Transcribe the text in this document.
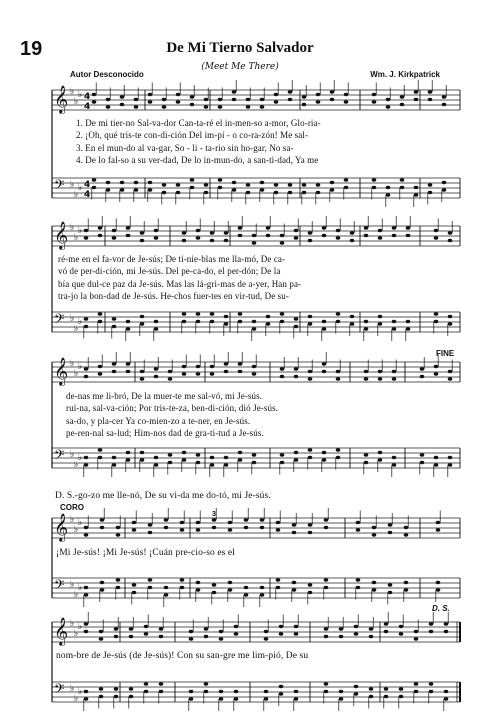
19	De Mi Tierno Salvador
(Meet Me There)
Autor Desconocido	Wm. J. Kirkpatrick
𝄞 ♭
♭
♭ 4
4
𝄢 ♭
♭
♭ 4
4
1. De mi tier-no Sal-va-dor Can-ta-ré el in-men-so a-mor, Glo-ria-
2. ¡Oh, qué tris-te con-di-ción Del im-pí - o co-ra-zón! Me sal-
3. En el mun-do al va-gar, So - li - ta-rio sin ho-gar, No sa-
4. De lo fal-so a su ver-dad, De lo in-mun-do, a san-ti-dad, Ya me
𝄞 ♭
♭
♭
𝄢 ♭
♭
♭
ré-me en el fa-vor de Je-sús; De ti-nie-blas me lla-mó, De ca-
vó de per-di-ción, mi Je-sús. Del pe-ca-do, el per-dón; De la
bía que dul-ce paz da Je-sús. Mas las lá-gri-mas de a-yer, Han pa-
tra-jo la bon-dad de Je-sús. He-chos fuer-tes en vir-tud, De su-
𝄞 ♭
♭
♭
𝄢 ♭
♭
♭
FINE
de-nas me li-bró, De la muer-te me sal-vó, mi Je-sús.
ruí-na, sal-va-ción; Por tris-te-za, ben-di-ción, dió Je-sús.
sa-do, y pla-cer Ya co-mien-zo a te-ner, en Je-sús.
pe-ren-nal sa-lud; Him-nos dad de gra-ti-tud a Je-sús.
D. S.-go-zo me lle-nó, De su vi-da me do-tó, mi Je-sús.
CORO
𝄞 ♭
♭
♭
𝄢 ♭
♭
♭
3
¡Mi Je-sús! ¡Mi Je-sús! ¡Cuán pre-cio-so es el
D. S.
𝄞 ♭
♭
♭
𝄢 ♭
♭
♭
nom-bre de Je-sús (de Je-sús)! Con su san-gre me lim-pió, De su
